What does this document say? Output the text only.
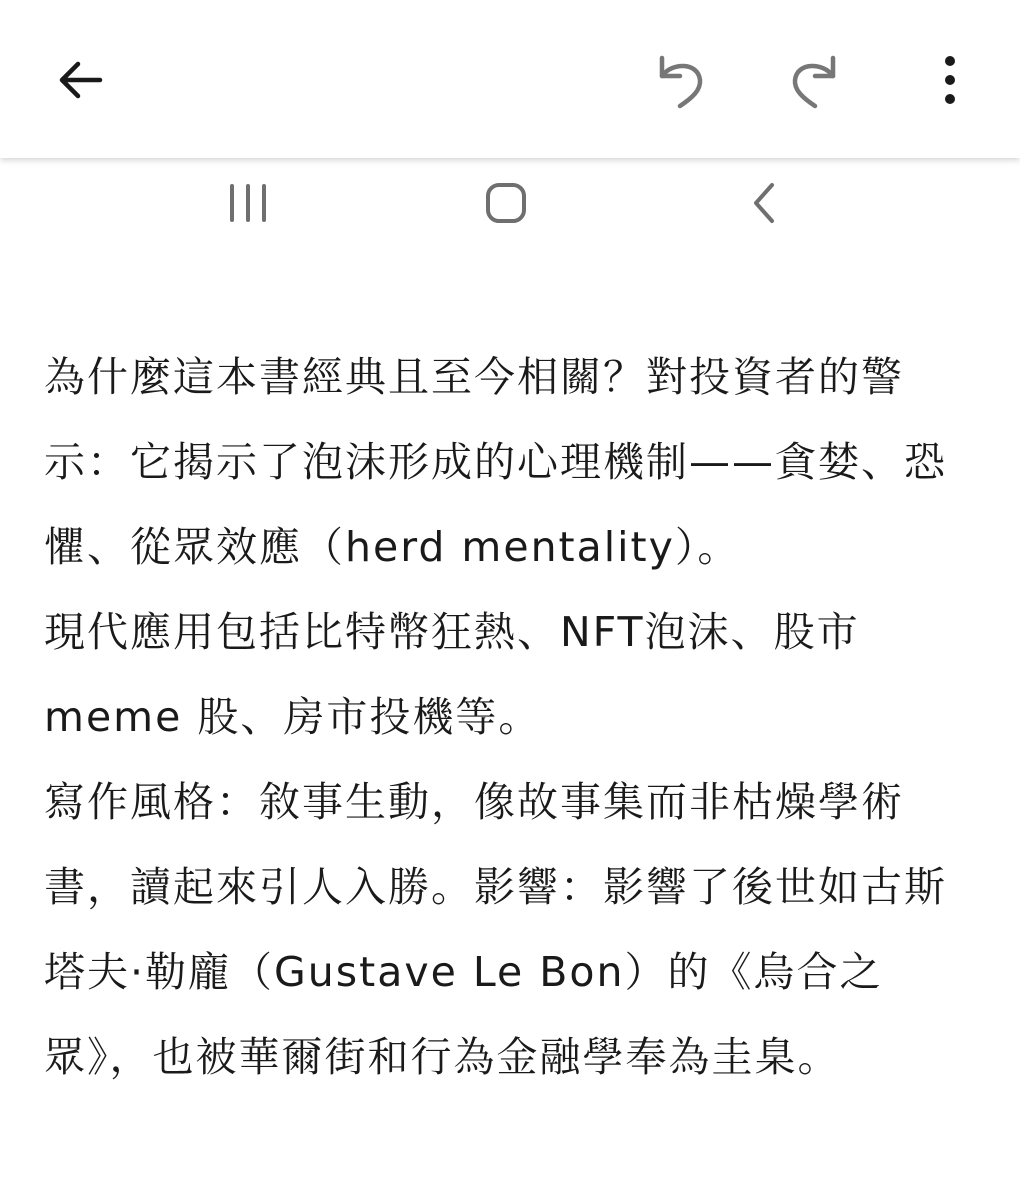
為什麼這本書經典且至今相關？對投資者的警示：它揭示了泡沫形成的心理機制——貪婪、恐懼、從眾效應（herd mentality）。

現代應用包括比特幣狂熱、NFT泡沫、股市meme 股、房市投機等。

寫作風格：敘事生動，像故事集而非枯燥學術書，讀起來引人入勝。影響：影響了後世如古斯塔夫·勒龐（Gustave Le Bon）的《烏合之眾》，也被華爾街和行為金融學奉為圭臬。
